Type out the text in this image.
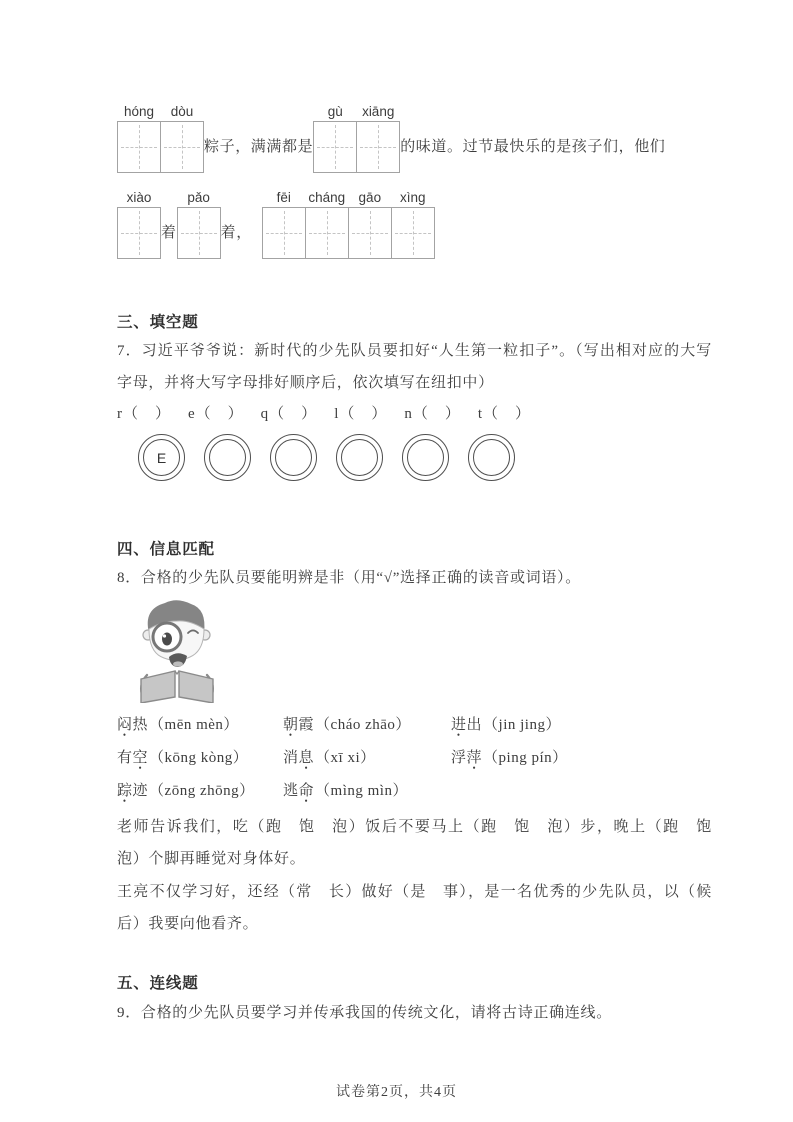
hóng	dòu
粽子，满满都是
gù	xiāng
的味道。过节最快乐的是孩子们，他们
xiào
着
pǎo
着，
fēi	cháng gāo	xìng
三、填空题

7．习近平爷爷说：新时代的少先队员要扣好“人生第一粒扣子”。（写出相对应的大写字母，并将大写字母排好顺序后，依次填写在纽扣中）

r（　） e（　） q（　） l（　） n（　） t（　）
E
四、信息匹配

8．合格的少先队员要能明辨是非（用“√”选择正确的读音或词语）。

闷热（mēn mèn）	朝霞（cháo zhāo）	进出（jin jing）
有空（kōng kòng）	消息（xī xi）	浮萍（ping pín）
踪迹（zōng zhōng）	逃命（mìng mìn）

老师告诉我们，吃（跑　饱　泡）饭后不要马上（跑　饱　泡）步，晚上（跑　饱　泡）个脚再睡觉对身体好。

王亮不仅学习好，还经（常　长）做好（是　事），是一名优秀的少先队员，以（候　后）我要向他看齐。

五、连线题

9．合格的少先队员要学习并传承我国的传统文化，请将古诗正确连线。

试卷第2页，共4页
